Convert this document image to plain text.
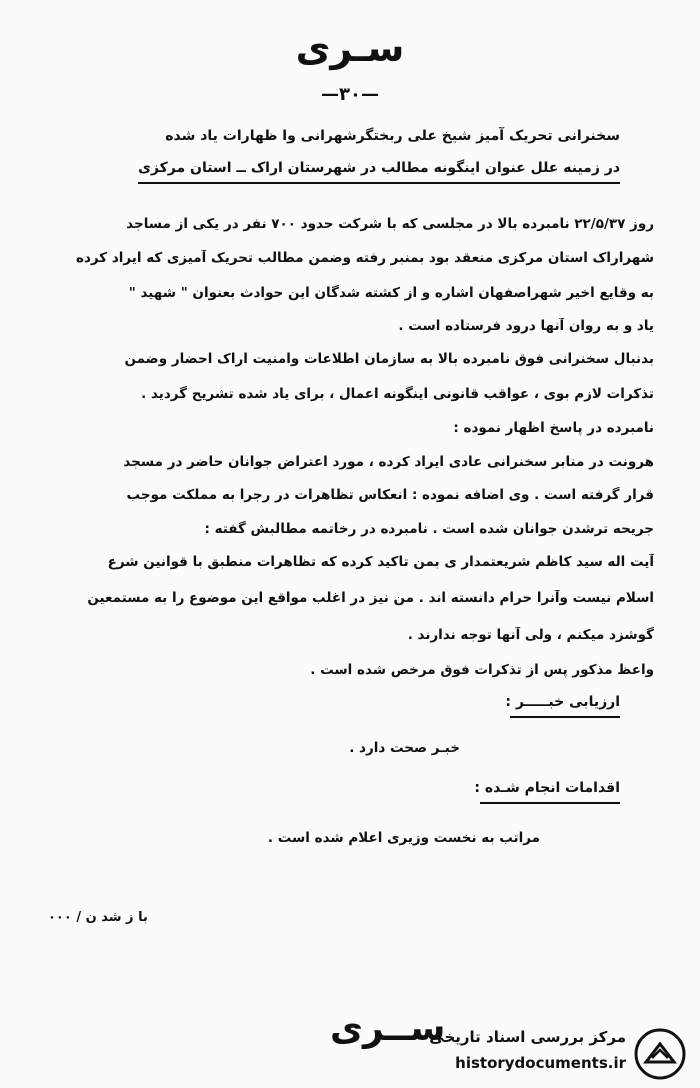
سـری
—۳۰—
سخنرانی تحریک آمیز شیخ علی ربختگرشهرانی وا ظهارات یاد شده
در زمینه علل عنوان اینگونه مطالب در شهرستان اراک ــ استان مرکزی
روز ۲۲/۵/۳۷ نامبرده بالا در مجلسی که با شرکت حدود ۷۰۰ نفر در یکی از مساجد
شهراراک استان مرکزی منعقد بود بمنبر رفته وضمن مطالب تحریک آمیزی که ایراد کرده
به وقایع اخیر شهراصفهان اشاره و از کشته شدگان این حوادث بعنوان " شهید "
یاد و به روان آنها درود فرستاده است .
بدنبال سخنرانی فوق نامبرده بالا به سازمان اطلاعات وامنیت اراک احضار وضمن
تذکرات لازم بوی ، عواقب قانونی اینگونه اعمال ، برای یاد شده تشریح گردید .
نامبرده در پاسخ اظهار نموده :
هرونت در منابر سخنرانی عادی ایراد کرده ، مورد اعتراض جوانان حاضر در مسجد
قرار گرفته است . وی اضافه نموده : انعکاس تظاهرات در رجرا به مملکت موجب
جریحه ترشدن جوانان شده است . نامبرده در رخاتمه مطالبش گفته :
آیت اله سید کاظم شریعتمدار ی بمن تاکید کرده که تظاهرات منطبق با قوانین شرع
اسلام نیست وآنرا حرام دانسته اند . من نیز در اغلب مواقع این موضوع را به مستمعین
گوشزد میکنم ، ولی آنها توجه ندارند .
واعظ مذکور پس از تذکرات فوق مرخص شده است .
ارزیابی خبـــــر :
خبـر صحت دارد .
اقدامات انجام شـده :
مراتب به نخست وزیری اعلام شده است .
با ز شد ن / ۰۰۰
ســری
مرکز بررسی اسناد تاریخی
historydocuments.ir
